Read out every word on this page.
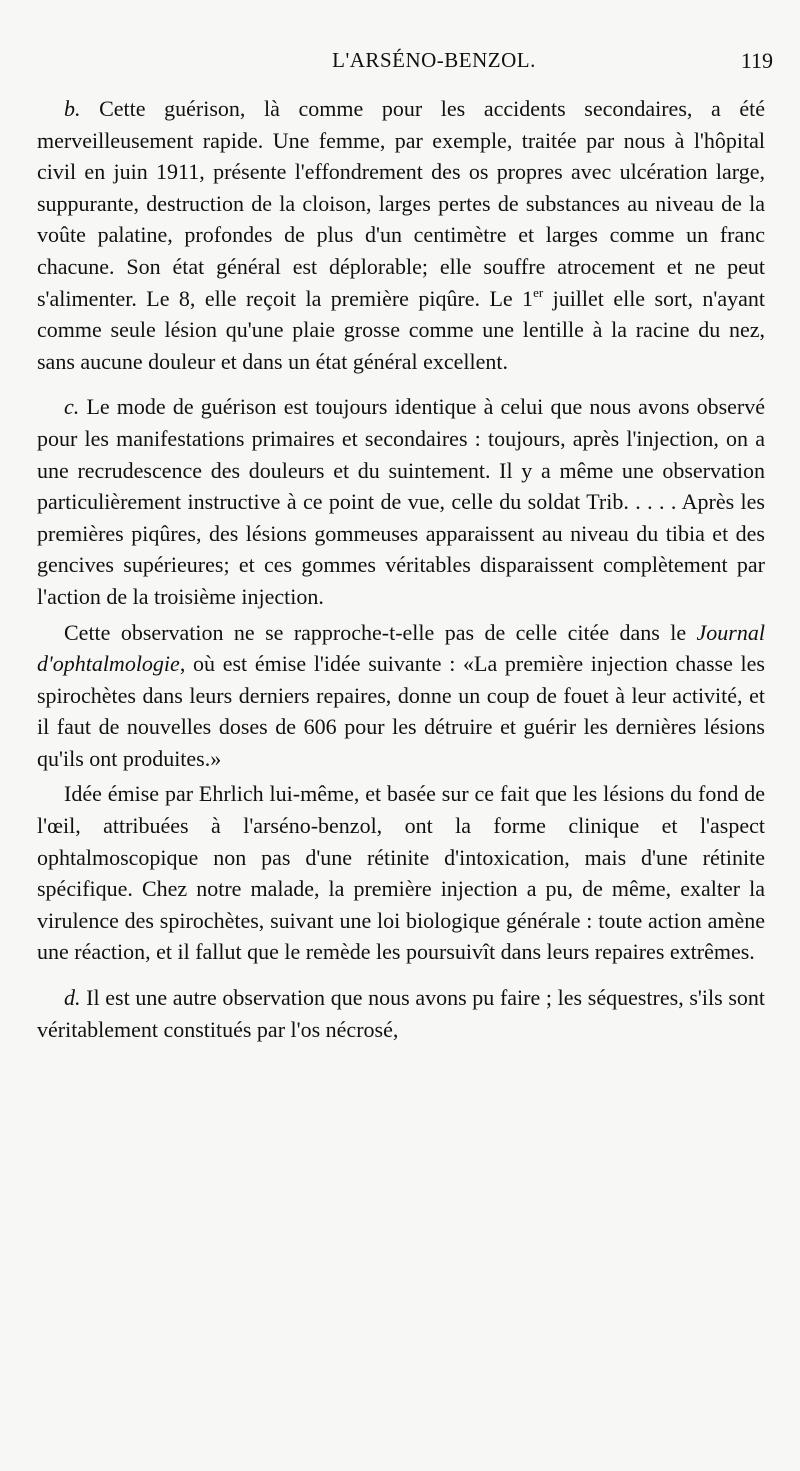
L'ARSÉNO-BENZOL.	119

b. Cette guérison, là comme pour les accidents secondaires, a été merveilleusement rapide. Une femme, par exemple, traitée par nous à l'hôpital civil en juin 1911, présente l'effondrement des os propres avec ulcération large, suppurante, destruction de la cloison, larges pertes de substances au niveau de la voûte palatine, profondes de plus d'un centimètre et larges comme un franc chacune. Son état général est déplorable; elle souffre atrocement et ne peut s'alimenter. Le 8, elle reçoit la première piqûre. Le 1er juillet elle sort, n'ayant comme seule lésion qu'une plaie grosse comme une lentille à la racine du nez, sans aucune douleur et dans un état général excellent.

c. Le mode de guérison est toujours identique à celui que nous avons observé pour les manifestations primaires et secondaires : toujours, après l'injection, on a une recrudescence des douleurs et du suintement. Il y a même une observation particulièrement instructive à ce point de vue, celle du soldat Trib. . . . . Après les premières piqûres, des lésions gommeuses apparaissent au niveau du tibia et des gencives supérieures; et ces gommes véritables disparaissent complètement par l'action de la troisième injection.

Cette observation ne se rapproche-t-elle pas de celle citée dans le Journal d'ophtalmologie, où est émise l'idée suivante : «La première injection chasse les spirochètes dans leurs derniers repaires, donne un coup de fouet à leur activité, et il faut de nouvelles doses de 606 pour les détruire et guérir les dernières lésions qu'ils ont produites.»

Idée émise par Ehrlich lui-même, et basée sur ce fait que les lésions du fond de l'œil, attribuées à l'arséno-benzol, ont la forme clinique et l'aspect ophtalmoscopique non pas d'une rétinite d'intoxication, mais d'une rétinite spécifique. Chez notre malade, la première injection a pu, de même, exalter la virulence des spirochètes, suivant une loi biologique générale : toute action amène une réaction, et il fallut que le remède les poursuivît dans leurs repaires extrêmes.

d. Il est une autre observation que nous avons pu faire ; les séquestres, s'ils sont véritablement constitués par l'os nécrosé,
